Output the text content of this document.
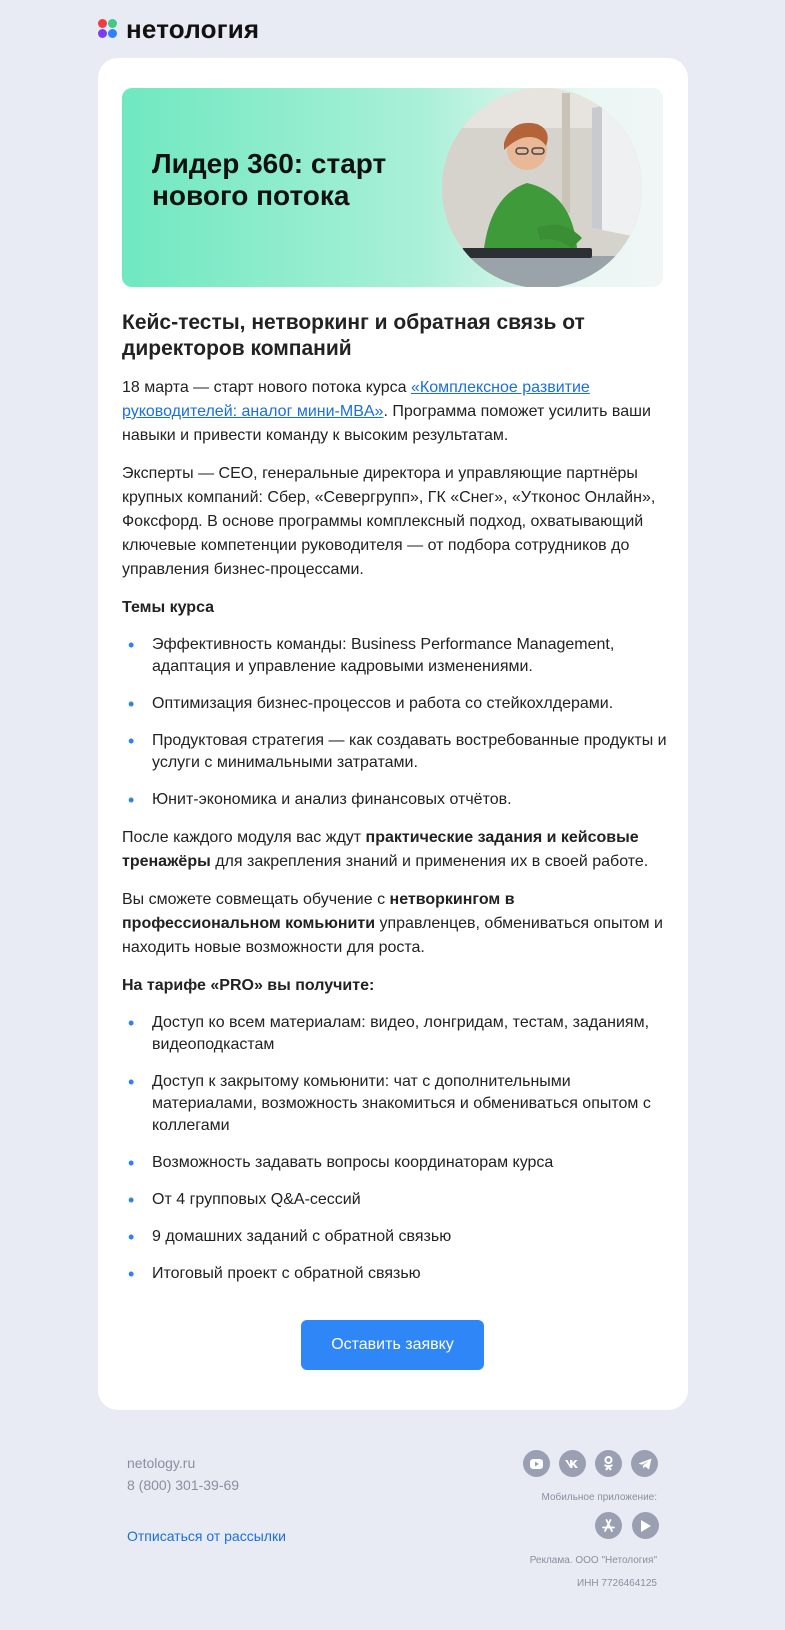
нетология
Лидер 360: старт нового потока
Кейс-тесты, нетворкинг и обратная связь от директоров компаний

18 марта — старт нового потока курса «Комплексное развитие руководителей: аналог мини-MBA». Программа поможет усилить ваши навыки и привести команду к высоким результатам.

Эксперты — CEO, генеральные директора и управляющие партнёры крупных компаний: Сбер, «Севергрупп», ГК «Снег», «Утконос Онлайн», Фоксфорд. В основе программы комплексный подход, охватывающий ключевые компетенции руководителя — от подбора сотрудников до управления бизнес-процессами.

Темы курса
• Эффективность команды: Business Performance Management, адаптация и управление кадровыми изменениями.
• Оптимизация бизнес-процессов и работа со стейкохлдерами.
• Продуктовая стратегия — как создавать востребованные продукты и услуги с минимальными затратами.
• Юнит-экономика и анализ финансовых отчётов.

После каждого модуля вас ждут практические задания и кейсовые тренажёры для закрепления знаний и применения их в своей работе.

Вы сможете совмещать обучение с нетворкингом в профессиональном комьюнити управленцев, обмениваться опытом и находить новые возможности для роста.

На тарифе «PRO» вы получите:
• Доступ ко всем материалам: видео, лонгридам, тестам, заданиям, видеоподкастам
• Доступ к закрытому комьюнити: чат с дополнительными материалами, возможность знакомиться и обмениваться опытом с коллегами
• Возможность задавать вопросы координаторам курса
• От 4 групповых Q&A-сессий
• 9 домашних заданий с обратной связью
• Итоговый проект с обратной связью
Оставить заявку
netology.ru
8 (800) 301-39-69
Отписаться от рассылки
Мобильное приложение:
Реклама. ООО "Нетология"
ИНН 7726464125
